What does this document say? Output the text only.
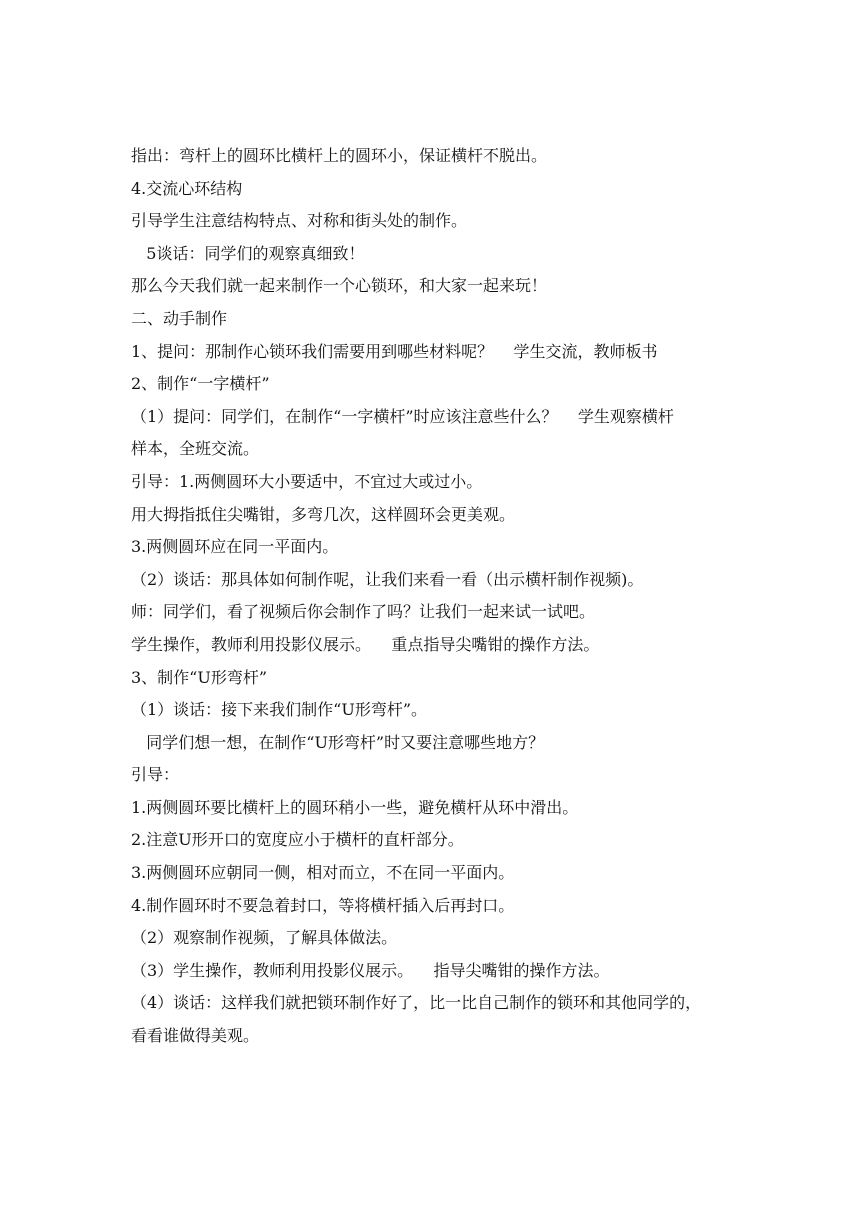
指出：弯杆上的圆环比横杆上的圆环小，保证横杆不脱出。
4.交流心环结构
引导学生注意结构特点、对称和街头处的制作。
5谈话：同学们的观察真细致！
那么今天我们就一起来制作一个心锁环，和大家一起来玩！
二、动手制作
1、提问：那制作心锁环我们需要用到哪些材料呢？    学生交流，教师板书
2、制作“一字横杆”
（1）提问：同学们，在制作“一字横杆”时应该注意些什么？    学生观察横杆
样本，全班交流。
引导：1.两侧圆环大小要适中，不宜过大或过小。
用大拇指抵住尖嘴钳，多弯几次，这样圆环会更美观。
3.两侧圆环应在同一平面内。
（2）谈话：那具体如何制作呢，让我们来看一看（出示横杆制作视频)。
师：同学们，看了视频后你会制作了吗？让我们一起来试一试吧。
学生操作，教师利用投影仪展示。    重点指导尖嘴钳的操作方法。
3、制作“U形弯杆”
（1）谈话：接下来我们制作“U形弯杆”。
同学们想一想，在制作“U形弯杆”时又要注意哪些地方？
引导：
1.两侧圆环要比横杆上的圆环稍小一些，避免横杆从环中滑出。
2.注意U形开口的宽度应小于横杆的直杆部分。
3.两侧圆环应朝同一侧，相对而立，不在同一平面内。
4.制作圆环时不要急着封口，等将横杆插入后再封口。
（2）观察制作视频，了解具体做法。
（3）学生操作，教师利用投影仪展示。    指导尖嘴钳的操作方法。
（4）谈话：这样我们就把锁环制作好了，比一比自己制作的锁环和其他同学的，
看看谁做得美观。
